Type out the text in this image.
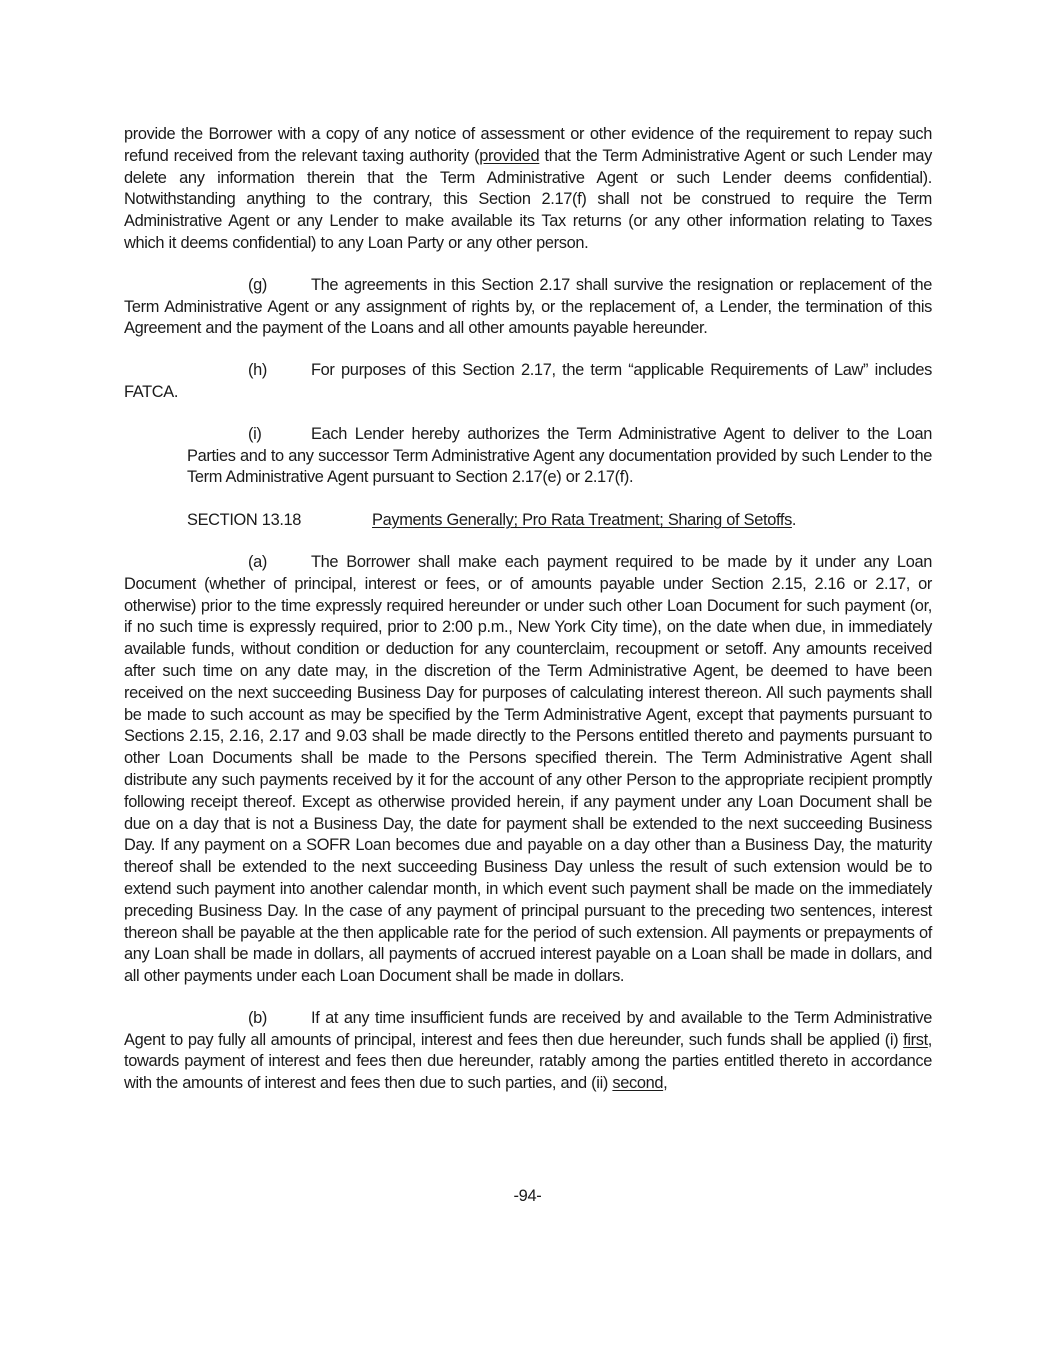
provide the Borrower with a copy of any notice of assessment or other evidence of the requirement to repay such refund received from the relevant taxing authority (provided that the Term Administrative Agent or such Lender may delete any information therein that the Term Administrative Agent or such Lender deems confidential). Notwithstanding anything to the contrary, this Section 2.17(f) shall not be construed to require the Term Administrative Agent or any Lender to make available its Tax returns (or any other information relating to Taxes which it deems confidential) to any Loan Party or any other person.

(g)	The agreements in this Section 2.17 shall survive the resignation or replacement of the Term Administrative Agent or any assignment of rights by, or the replacement of, a Lender, the termination of this Agreement and the payment of the Loans and all other amounts payable hereunder.

(h)	For purposes of this Section 2.17, the term “applicable Requirements of Law” includes FATCA.

(i)	Each Lender hereby authorizes the Term Administrative Agent to deliver to the Loan Parties and to any successor Term Administrative Agent any documentation provided by such Lender to the Term Administrative Agent pursuant to Section 2.17(e) or 2.17(f).

SECTION 13.18	Payments Generally; Pro Rata Treatment; Sharing of Setoffs.

(a)	The Borrower shall make each payment required to be made by it under any Loan Document (whether of principal, interest or fees, or of amounts payable under Section 2.15, 2.16 or 2.17, or otherwise) prior to the time expressly required hereunder or under such other Loan Document for such payment (or, if no such time is expressly required, prior to 2:00 p.m., New York City time), on the date when due, in immediately available funds, without condition or deduction for any counterclaim, recoupment or setoff. Any amounts received after such time on any date may, in the discretion of the Term Administrative Agent, be deemed to have been received on the next succeeding Business Day for purposes of calculating interest thereon. All such payments shall be made to such account as may be specified by the Term Administrative Agent, except that payments pursuant to Sections 2.15, 2.16, 2.17 and 9.03 shall be made directly to the Persons entitled thereto and payments pursuant to other Loan Documents shall be made to the Persons specified therein. The Term Administrative Agent shall distribute any such payments received by it for the account of any other Person to the appropriate recipient promptly following receipt thereof. Except as otherwise provided herein, if any payment under any Loan Document shall be due on a day that is not a Business Day, the date for payment shall be extended to the next succeeding Business Day. If any payment on a SOFR Loan becomes due and payable on a day other than a Business Day, the maturity thereof shall be extended to the next succeeding Business Day unless the result of such extension would be to extend such payment into another calendar month, in which event such payment shall be made on the immediately preceding Business Day. In the case of any payment of principal pursuant to the preceding two sentences, interest thereon shall be payable at the then applicable rate for the period of such extension. All payments or prepayments of any Loan shall be made in dollars, all payments of accrued interest payable on a Loan shall be made in dollars, and all other payments under each Loan Document shall be made in dollars.

(b)	If at any time insufficient funds are received by and available to the Term Administrative Agent to pay fully all amounts of principal, interest and fees then due hereunder, such funds shall be applied (i) first, towards payment of interest and fees then due hereunder, ratably among the parties entitled thereto in accordance with the amounts of interest and fees then due to such parties, and (ii) second,

-94-
